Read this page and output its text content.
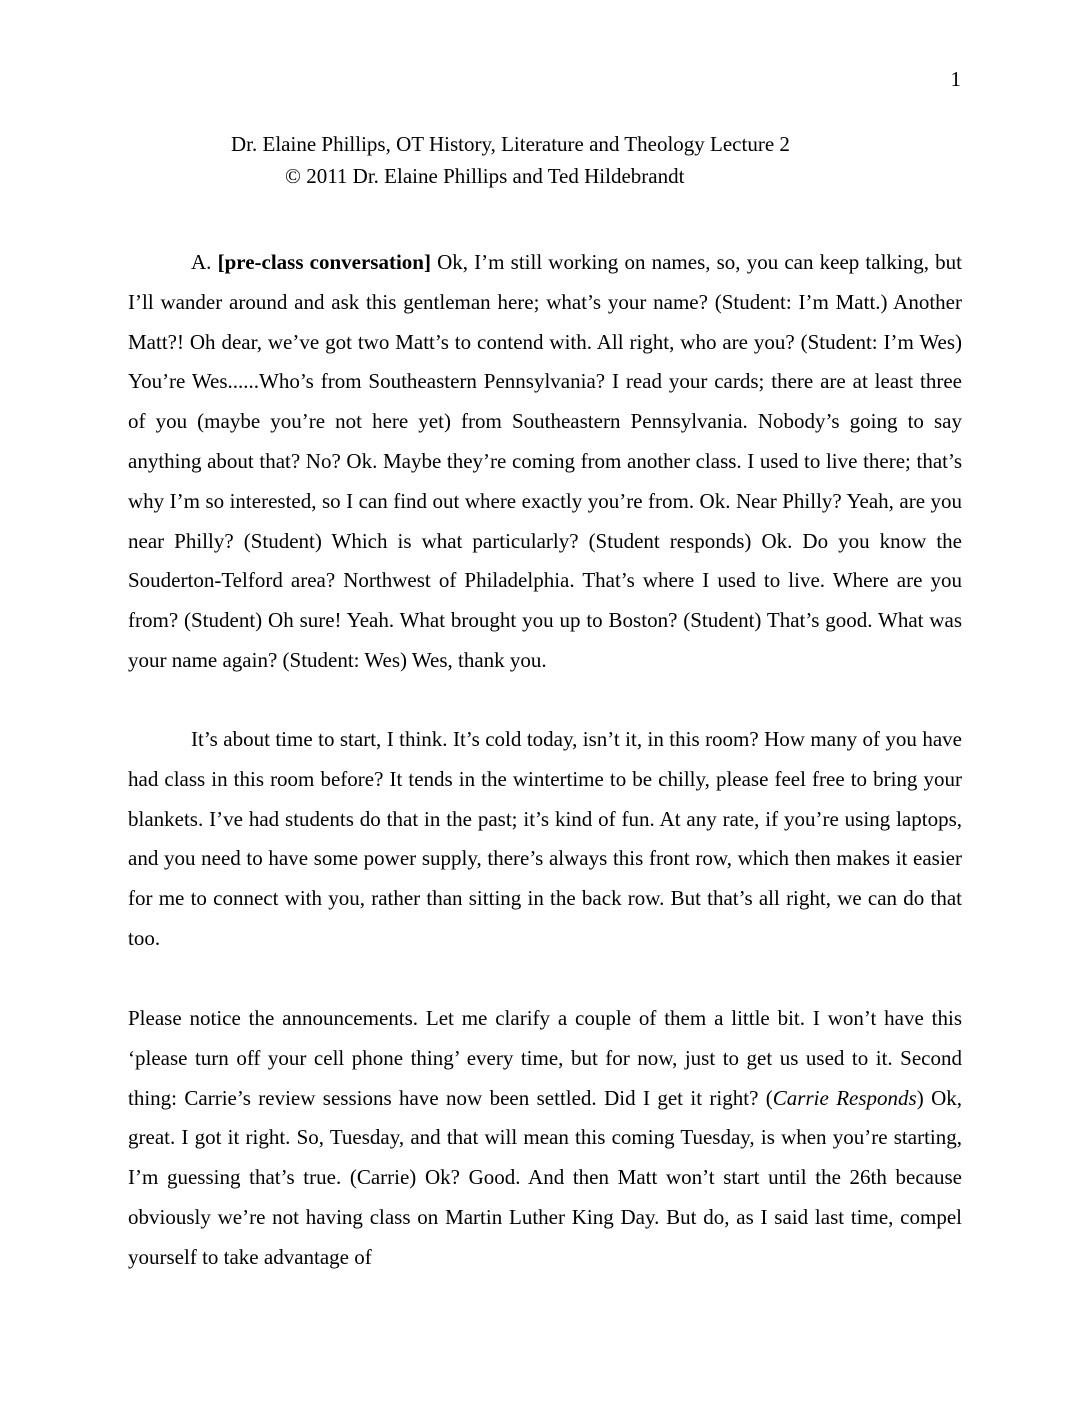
1
Dr. Elaine Phillips, OT History, Literature and Theology Lecture 2
© 2011 Dr. Elaine Phillips and Ted Hildebrandt

A. [pre-class conversation] Ok, I’m still working on names, so, you can keep talking, but I’ll wander around and ask this gentleman here; what’s your name? (Student: I’m Matt.) Another Matt?! Oh dear, we’ve got two Matt’s to contend with. All right, who are you? (Student: I’m Wes) You’re Wes......Who’s from Southeastern Pennsylvania? I read your cards; there are at least three of you (maybe you’re not here yet) from Southeastern Pennsylvania. Nobody’s going to say anything about that? No? Ok. Maybe they’re coming from another class. I used to live there; that’s why I’m so interested, so I can find out where exactly you’re from. Ok. Near Philly? Yeah, are you near Philly? (Student) Which is what particularly? (Student responds) Ok. Do you know the Souderton-Telford area? Northwest of Philadelphia. That’s where I used to live. Where are you from? (Student) Oh sure! Yeah. What brought you up to Boston? (Student) That’s good. What was your name again? (Student: Wes) Wes, thank you.

It’s about time to start, I think. It’s cold today, isn’t it, in this room? How many of you have had class in this room before? It tends in the wintertime to be chilly, please feel free to bring your blankets. I’ve had students do that in the past; it’s kind of fun. At any rate, if you’re using laptops, and you need to have some power supply, there’s always this front row, which then makes it easier for me to connect with you, rather than sitting in the back row. But that’s all right, we can do that too.

Please notice the announcements. Let me clarify a couple of them a little bit. I won’t have this ‘please turn off your cell phone thing’ every time, but for now, just to get us used to it. Second thing: Carrie’s review sessions have now been settled. Did I get it right? (Carrie Responds) Ok, great. I got it right. So, Tuesday, and that will mean this coming Tuesday, is when you’re starting, I’m guessing that’s true. (Carrie) Ok? Good. And then Matt won’t start until the 26th because obviously we’re not having class on Martin Luther King Day. But do, as I said last time, compel yourself to take advantage of
